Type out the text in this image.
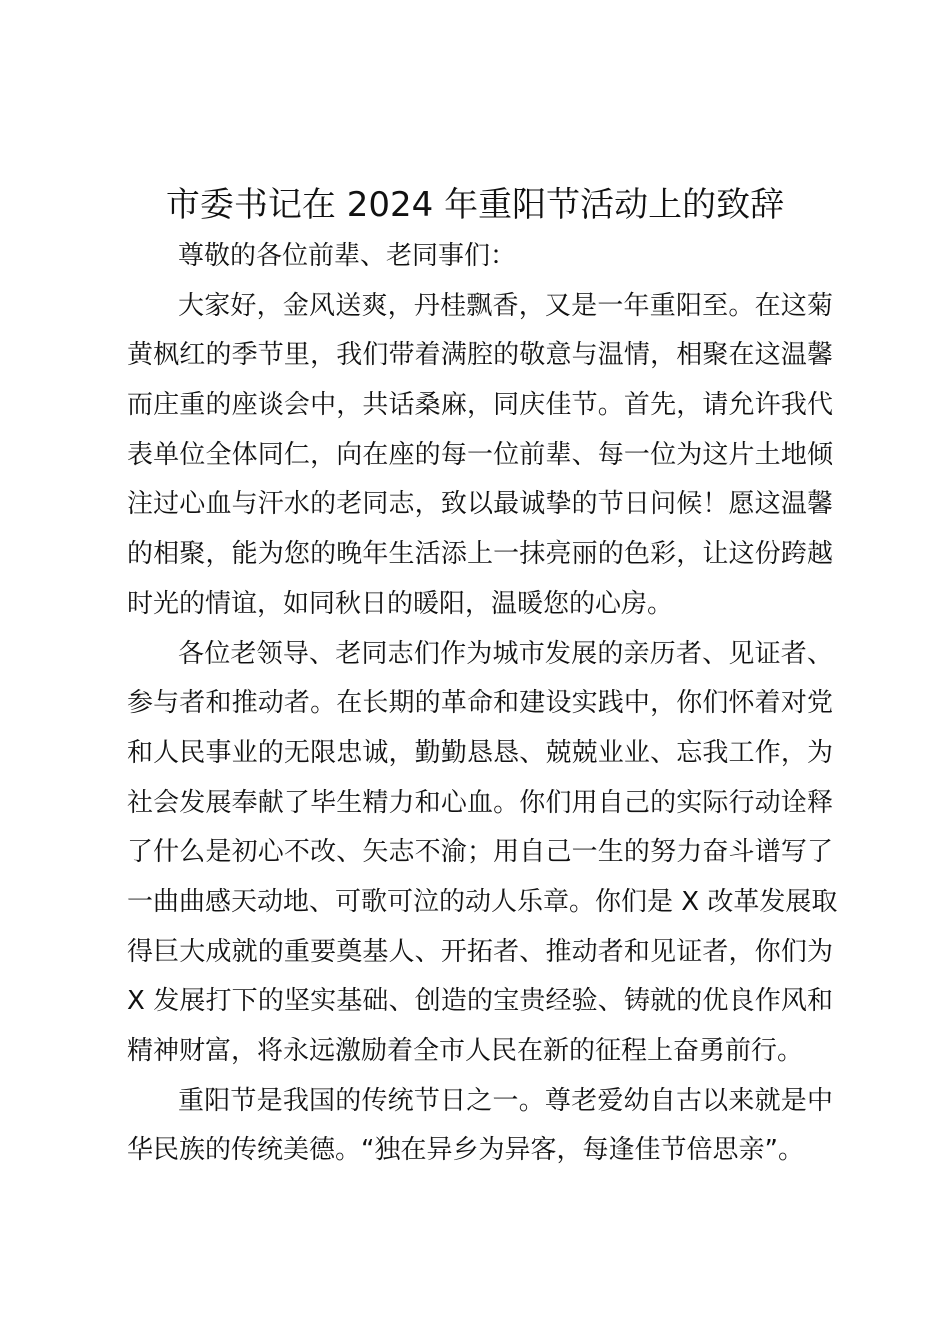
市委书记在 2024 年重阳节活动上的致辞
尊敬的各位前辈、老同事们：
大家好，金风送爽，丹桂飘香，又是一年重阳至。在这菊
黄枫红的季节里，我们带着满腔的敬意与温情，相聚在这温馨
而庄重的座谈会中，共话桑麻，同庆佳节。首先，请允许我代
表单位全体同仁，向在座的每一位前辈、每一位为这片土地倾
注过心血与汗水的老同志，致以最诚挚的节日问候！愿这温馨
的相聚，能为您的晚年生活添上一抹亮丽的色彩，让这份跨越
时光的情谊，如同秋日的暖阳，温暖您的心房。
各位老领导、老同志们作为城市发展的亲历者、见证者、
参与者和推动者。在长期的革命和建设实践中，你们怀着对党
和人民事业的无限忠诚，勤勤恳恳、兢兢业业、忘我工作，为
社会发展奉献了毕生精力和心血。你们用自己的实际行动诠释
了什么是初心不改、矢志不渝；用自己一生的努力奋斗谱写了
一曲曲感天动地、可歌可泣的动人乐章。你们是 X 改革发展取
得巨大成就的重要奠基人、开拓者、推动者和见证者，你们为
X 发展打下的坚实基础、创造的宝贵经验、铸就的优良作风和
精神财富，将永远激励着全市人民在新的征程上奋勇前行。
重阳节是我国的传统节日之一。尊老爱幼自古以来就是中
华民族的传统美德。“独在异乡为异客，每逢佳节倍思亲”。
